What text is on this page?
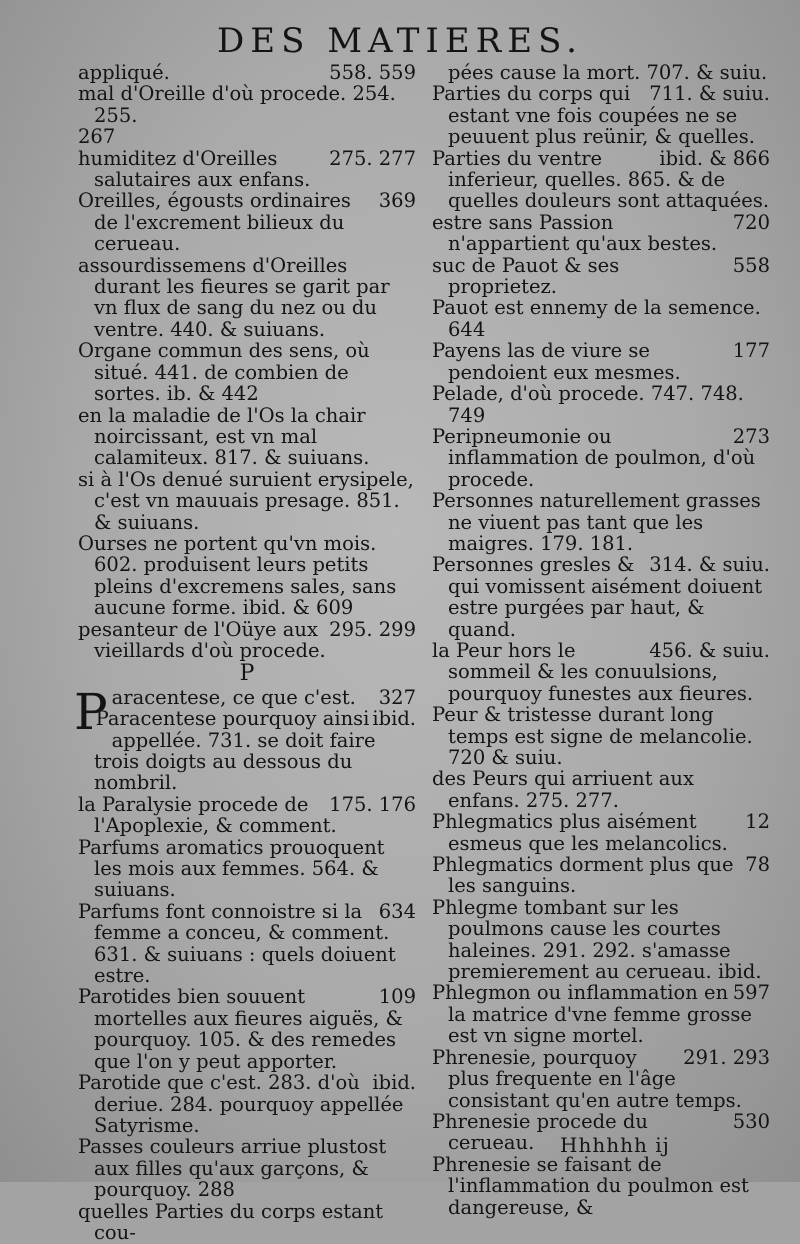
DES MATIERES.

558. 559
appliqué.

mal d'Oreille d'où procede. 254. 255.

267

275. 277
humiditez d'Oreilles salutaires aux enfans.

369
Oreilles, égousts ordinaires de l'excrement bilieux du cerueau.

assourdissemens d'Oreilles durant les fieures se garit par vn flux de sang du nez ou du ventre. 440. & suiuans.

Organe commun des sens, où situé. 441. de combien de sortes. ib. & 442

en la maladie de l'Os la chair noircissant, est vn mal calamiteux. 817. & suiuans.

si à l'Os denué suruient erysipele, c'est vn mauuais presage. 851. & suiuans.

Ourses ne portent qu'vn mois. 602. produisent leurs petits pleins d'excremens sales, sans aucune forme. ibid. & 609

295. 299
pesanteur de l'Oüye aux vieillards d'où procede.

P

P	327
aracentese, ce que c'est.

ibid.
Paracentese pourquoy ainsi appellée. 731. se doit faire trois doigts au dessous du nombril.

175. 176
la Paralysie procede de l'Apoplexie, & comment.

Parfums aromatics prouoquent les mois aux femmes. 564. & suiuans.

634
Parfums font connoistre si la femme a conceu, & comment. 631. & suiuans : quels doiuent estre.

109
Parotides bien souuent mortelles aux fieures aiguës, & pourquoy. 105. & des remedes que l'on y peut apporter.

ibid.
Parotide que c'est. 283. d'où deriue. 284. pourquoy appellée Satyrisme.

Passes couleurs arriue plustost aux filles qu'aux garçons, & pourquoy. 288

quelles Parties du corps estant cou-

pées cause la mort. 707. & suiu.

711. & suiu.
Parties du corps qui estant vne fois coupées ne se peuuent plus reünir, & quelles.

ibid. & 866
Parties du ventre inferieur, quelles. 865. & de quelles douleurs sont attaquées.

720
estre sans Passion n'appartient qu'aux bestes.

558
suc de Pauot & ses proprietez.

Pauot est ennemy de la semence. 644

177
Payens las de viure se pendoient eux mesmes.

Pelade, d'où procede. 747. 748. 749

273
Peripneumonie ou inflammation de poulmon, d'où procede.

Personnes naturellement grasses ne viuent pas tant que les maigres. 179. 181.

314. & suiu.
Personnes gresles & qui vomissent aisément doiuent estre purgées par haut, & quand.

456. & suiu.
la Peur hors le sommeil & les conuulsions, pourquoy funestes aux fieures.

Peur & tristesse durant long temps est signe de melancolie. 720 & suiu.

des Peurs qui arriuent aux enfans. 275. 277.

12
Phlegmatics plus aisément esmeus que les melancolics.

78
Phlegmatics dorment plus que les sanguins.

Phlegme tombant sur les poulmons cause les courtes haleines. 291. 292. s'amasse premierement au cerueau. ibid.

597
Phlegmon ou inflammation en la matrice d'vne femme grosse est vn signe mortel.

291. 293
Phrenesie, pourquoy plus frequente en l'âge consistant qu'en autre temps.

530
Phrenesie procede du cerueau.

Phrenesie se faisant de l'inflammation du poulmon est dangereuse, &

Hhhhhh ij
